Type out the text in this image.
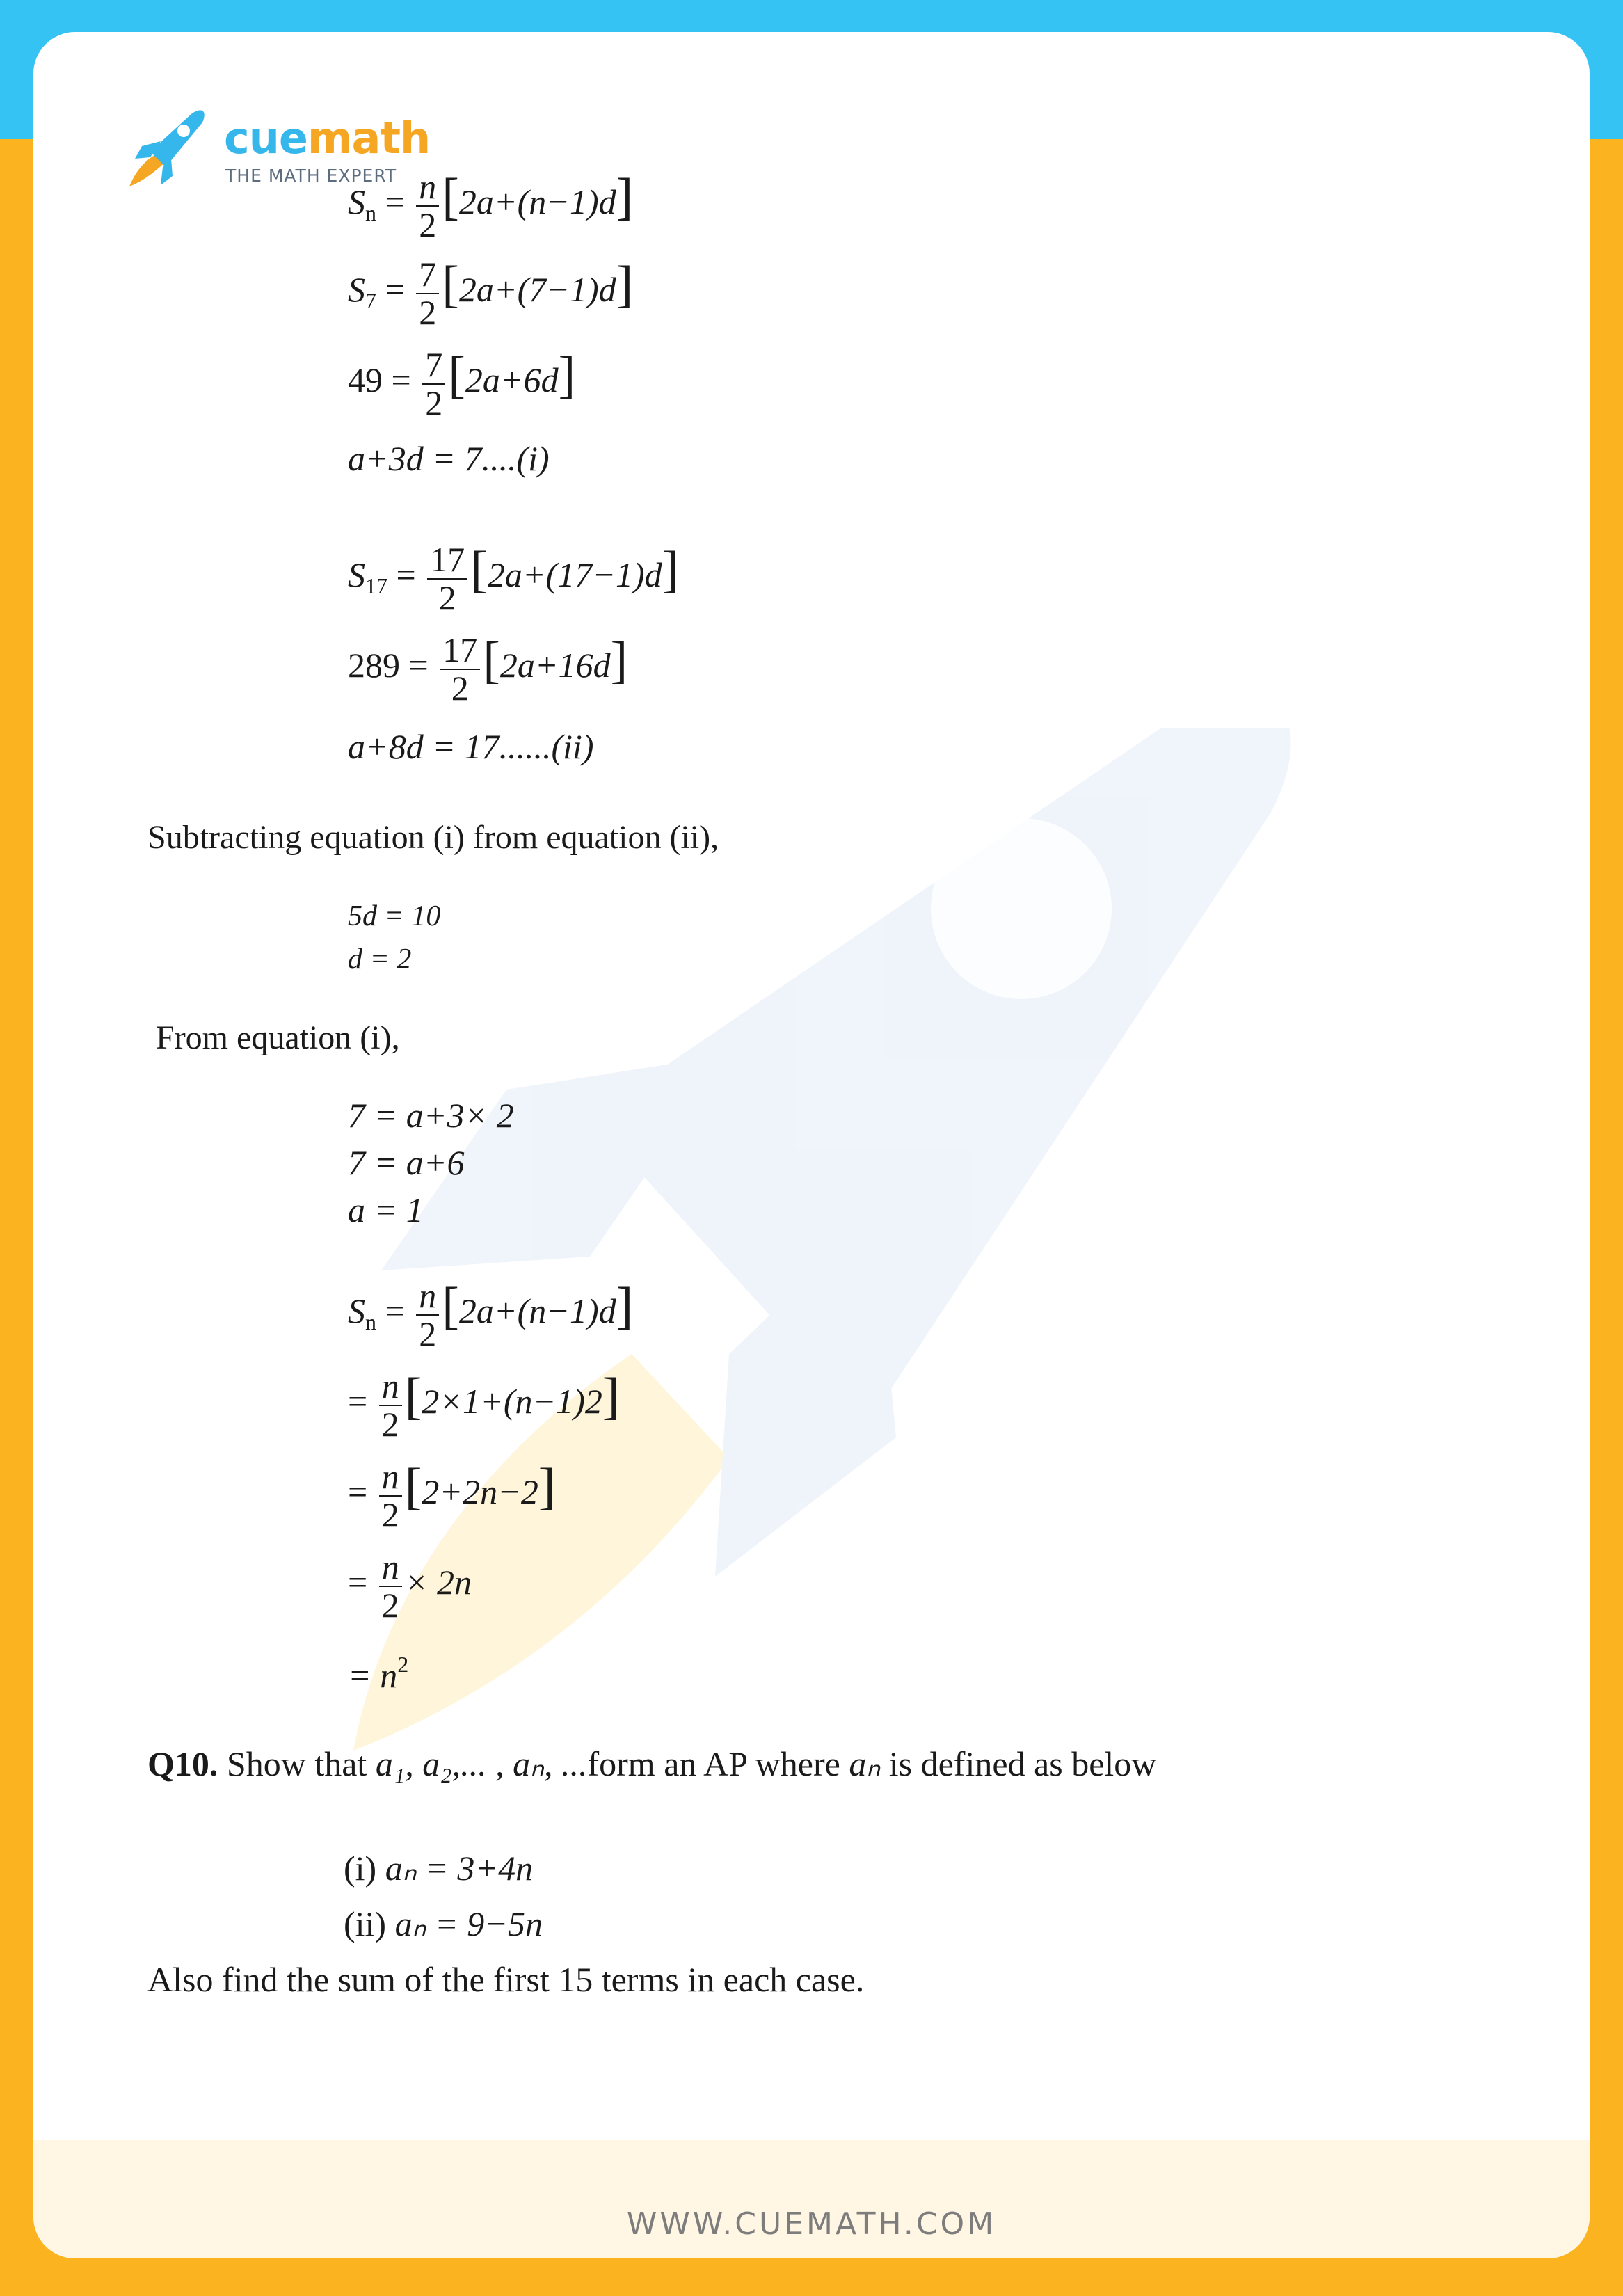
cuemath
THE MATH EXPERT
$S_n = \frac{n}{2} [2a+(n-1)d]$
$S_7 = \frac{7}{2} [2a+(7-1)d]$
$49 = \frac{7}{2} [2a+6d]$
a+3d = 7....(i)
$S_{17} = \frac{17}{2} [2a+(17-1)d]$
$289 = \frac{17}{2} [2a+16d]$
a+8d = 17......(ii)
Subtracting equation (i) from equation (ii),
5d = 10
d = 2
From equation (i),
7 = a+3× 2
7 = a+6
a = 1
$S_n = \frac{n}{2} [2a+(n-1)d]$
= $\frac{n}{2} [2\times 1+(n-1)2]$
= $\frac{n}{2} [2+2n-2]$
= $\frac{n}{2} \times 2n$
= $n^2$
Q10. Show that a₁, a₂,... , aₙ, ...form an AP where aₙ is defined as below
(i) aₙ = 3+4n
(ii) aₙ = 9−5n
Also find the sum of the first 15 terms in each case.
WWW.CUEMATH.COM
